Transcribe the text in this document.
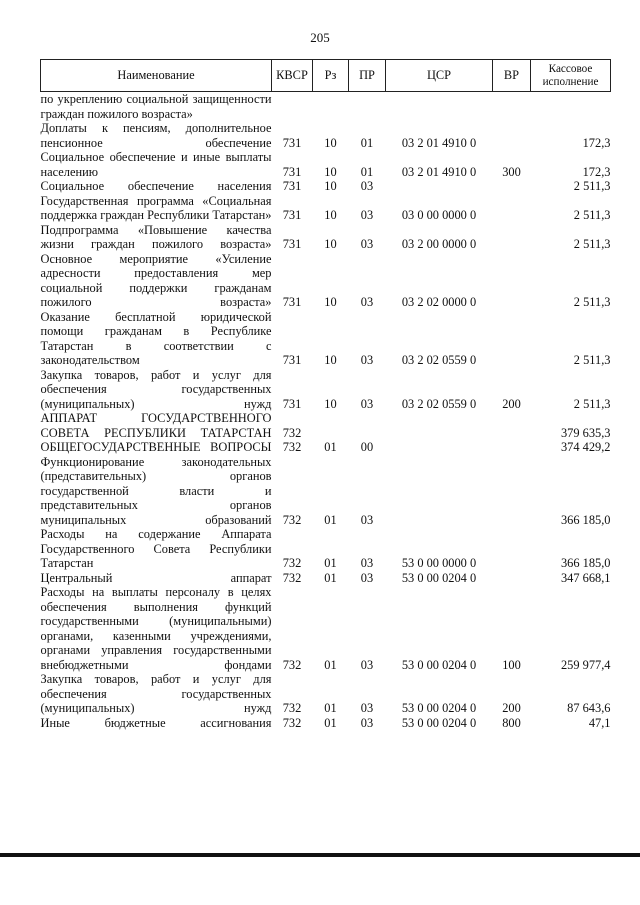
205
Наименование	КВСР	Рз	ПР	ЦСР	ВР	Кассовое исполнение
по укреплению социальной защищенности граждан пожилого возраста»						
Доплаты к пенсиям, дополнительное пенсионное обеспечение	731	10	01	03 2 01 4910 0		172,3
Социальное обеспечение и иные выплаты населению	731	10	01	03 2 01 4910 0	300	172,3
Социальное обеспечение населения	731	10	03			2 511,3
Государственная программа «Социальная поддержка граждан Республики Татарстан»	731	10	03	03 0 00 0000 0		2 511,3
Подпрограмма «Повышение качества жизни граждан пожилого возраста»	731	10	03	03 2 00 0000 0		2 511,3
Основное мероприятие «Усиление адресности предоставления мер социальной поддержки гражданам пожилого возраста»	731	10	03	03 2 02 0000 0		2 511,3
Оказание бесплатной юридической помощи гражданам в Республике Татарстан в соответствии с законодательством	731	10	03	03 2 02 0559 0		2 511,3
Закупка товаров, работ и услуг для обеспечения государственных (муниципальных) нужд	731	10	03	03 2 02 0559 0	200	2 511,3
АППАРАТ ГОСУДАРСТВЕННОГО СОВЕТА РЕСПУБЛИКИ ТАТАРСТАН	732					379 635,3
ОБЩЕГОСУДАРСТВЕННЫЕ ВОПРОСЫ	732	01	00			374 429,2
Функционирование законодательных (представительных) органов государственной власти и представительных органов муниципальных образований	732	01	03			366 185,0
Расходы на содержание Аппарата Государственного Совета Республики Татарстан	732	01	03	53 0 00 0000 0		366 185,0
Центральный аппарат	732	01	03	53 0 00 0204 0		347 668,1
Расходы на выплаты персоналу в целях обеспечения выполнения функций государственными (муниципальными) органами, казенными учреждениями, органами управления государственными внебюджетными фондами	732	01	03	53 0 00 0204 0	100	259 977,4
Закупка товаров, работ и услуг для обеспечения государственных (муниципальных) нужд	732	01	03	53 0 00 0204 0	200	87 643,6
Иные бюджетные ассигнования	732	01	03	53 0 00 0204 0	800	47,1
